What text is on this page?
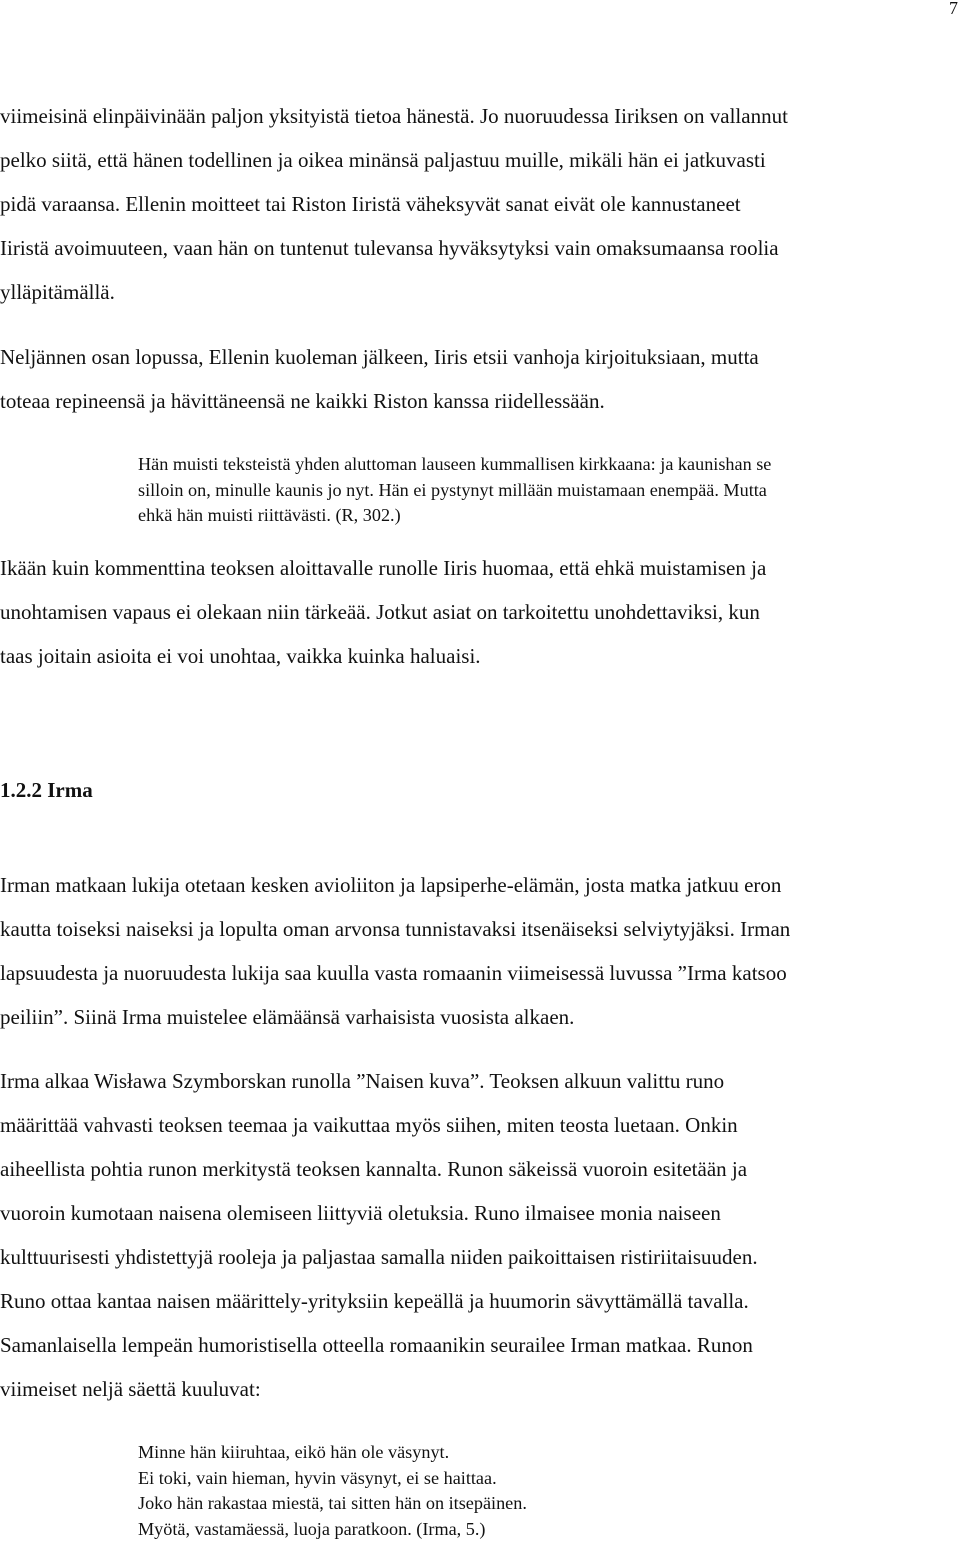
7
viimeisinä elinpäivinään paljon yksityistä tietoa hänestä. Jo nuoruudessa Iiriksen on vallannut
pelko siitä, että hänen todellinen ja oikea minänsä paljastuu muille, mikäli hän ei jatkuvasti
pidä varaansa. Ellenin moitteet tai Riston Iiristä väheksyvät sanat eivät ole kannustaneet
Iiristä avoimuuteen, vaan hän on tuntenut tulevansa hyväksytyksi vain omaksumaansa roolia
ylläpitämällä.
Neljännen osan lopussa, Ellenin kuoleman jälkeen, Iiris etsii vanhoja kirjoituksiaan, mutta
toteaa repineensä ja hävittäneensä ne kaikki Riston kanssa riidellessään.
Hän muisti teksteistä yhden aluttoman lauseen kummallisen kirkkaana: ja kaunishan se
silloin on, minulle kaunis jo nyt. Hän ei pystynyt millään muistamaan enempää. Mutta
ehkä hän muisti riittävästi. (R, 302.)
Ikään kuin kommenttina teoksen aloittavalle runolle Iiris huomaa, että ehkä muistamisen ja
unohtamisen vapaus ei olekaan niin tärkeää. Jotkut asiat on tarkoitettu unohdettaviksi, kun
taas joitain asioita ei voi unohtaa, vaikka kuinka haluaisi.
1.2.2 Irma
Irman matkaan lukija otetaan kesken avioliiton ja lapsiperhe-elämän, josta matka jatkuu eron
kautta toiseksi naiseksi ja lopulta oman arvonsa tunnistavaksi itsenäiseksi selviytyjäksi. Irman
lapsuudesta ja nuoruudesta lukija saa kuulla vasta romaanin viimeisessä luvussa ”Irma katsoo
peiliin”. Siinä Irma muistelee elämäänsä varhaisista vuosista alkaen.
Irma alkaa Wisława Szymborskan runolla ”Naisen kuva”. Teoksen alkuun valittu runo
määrittää vahvasti teoksen teemaa ja vaikuttaa myös siihen, miten teosta luetaan. Onkin
aiheellista pohtia runon merkitystä teoksen kannalta. Runon säkeissä vuoroin esitetään ja
vuoroin kumotaan naisena olemiseen liittyviä oletuksia. Runo ilmaisee monia naiseen
kulttuurisesti yhdistettyjä rooleja ja paljastaa samalla niiden paikoittaisen ristiriitaisuuden.
Runo ottaa kantaa naisen määrittely-yrityksiin kepeällä ja huumorin sävyttämällä tavalla.
Samanlaisella lempeän humoristisella otteella romaanikin seurailee Irman matkaa. Runon
viimeiset neljä säettä kuuluvat:
Minne hän kiiruhtaa, eikö hän ole väsynyt.
Ei toki, vain hieman, hyvin väsynyt, ei se haittaa.
Joko hän rakastaa miestä, tai sitten hän on itsepäinen.
Myötä, vastamäessä, luoja paratkoon. (Irma, 5.)
